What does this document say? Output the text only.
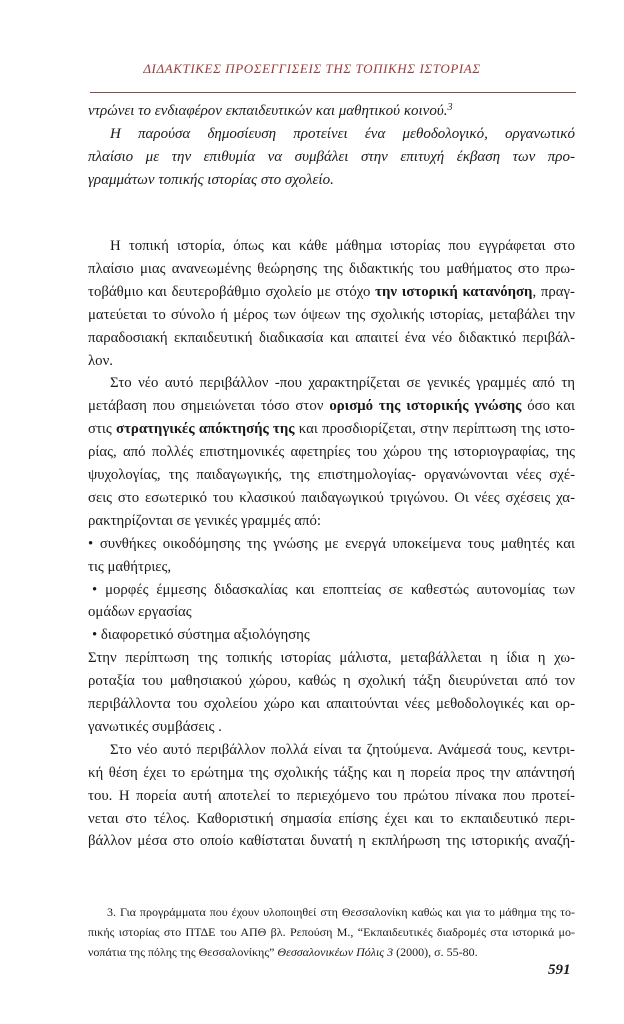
ΔΙΔΑΚΤΙΚΕΣ ΠΡΟΣΕΓΓΙΣΕΙΣ ΤΗΣ ΤΟΠΙΚΗΣ ΙΣΤΟΡΙΑΣ
ντρώνει το ενδιαφέρον εκπαιδευτικών και μαθητικού κοινού.$^3$
Η παρούσα δημοσίευση προτείνει ένα μεθοδολογικό, οργανωτικό
πλαίσιο με την επιθυμία να συμβάλει στην επιτυχή έκβαση των προ-
γραμμάτων τοπικής ιστορίας στο σχολείο.
Η τοπική ιστορία, όπως και κάθε μάθημα ιστορίας που εγγράφεται στο
πλαίσιο μιας ανανεωμένης θεώρησης της διδακτικής του μαθήματος στο πρω-
τοβάθμιο και δευτεροβάθμιο σχολείο με στόχο την ιστορική κατανόηση, πραγ-
ματεύεται το σύνολο ή μέρος των όψεων της σχολικής ιστορίας, μεταβάλει την
παραδοσιακή εκπαιδευτική διαδικασία και απαιτεί ένα νέο διδακτικό περιβάλ-
λον.
Στο νέο αυτό περιβάλλον -που χαρακτηρίζεται σε γενικές γραμμές από τη
μετάβαση που σημειώνεται τόσο στον ορισμό της ιστορικής γνώσης όσο και
στις στρατηγικές απόκτησής της και προσδιορίζεται, στην περίπτωση της ιστο-
ρίας, από πολλές επιστημονικές αφετηρίες του χώρου της ιστοριογραφίας, της
ψυχολογίας, της παιδαγωγικής, της επιστημολογίας- οργανώνονται νέες σχέ-
σεις στο εσωτερικό του κλασικού παιδαγωγικού τριγώνου. Οι νέες σχέσεις χα-
ρακτηρίζονται σε γενικές γραμμές από:
• συνθήκες οικοδόμησης της γνώσης με ενεργά υποκείμενα τους μαθητές και
τις μαθήτριες,
• μορφές έμμεσης διδασκαλίας και εποπτείας σε καθεστώς αυτονομίας των
ομάδων εργασίας
• διαφορετικό σύστημα αξιολόγησης
Στην περίπτωση της τοπικής ιστορίας μάλιστα, μεταβάλλεται η ίδια η χω-
ροταξία του μαθησιακού χώρου, καθώς η σχολική τάξη διευρύνεται από τον
περιβάλλοντα του σχολείου χώρο και απαιτούνται νέες μεθοδολογικές και ορ-
γανωτικές συμβάσεις .
Στο νέο αυτό περιβάλλον πολλά είναι τα ζητούμενα. Ανάμεσά τους, κεντρι-
κή θέση έχει το ερώτημα της σχολικής τάξης και η πορεία προς την απάντησή
του. Η πορεία αυτή αποτελεί το περιεχόμενο του πρώτου πίνακα που προτεί-
νεται στο τέλος. Καθοριστική σημασία επίσης έχει και το εκπαιδευτικό περι-
βάλλον μέσα στο οποίο καθίσταται δυνατή η εκπλήρωση της ιστορικής αναζή-
3. Για προγράμματα που έχουν υλοποιηθεί στη Θεσσαλονίκη καθώς και για το μάθημα της το-
πικής ιστορίας στο ΠΤΔΕ του ΑΠΘ βλ. Ρεπούση Μ., “Εκπαιδευτικές διαδρομές στα ιστορικά μο-
νοπάτια της πόλης της Θεσσαλονίκης” Θεσσαλονικέων Πόλις 3 (2000), σ. 55-80.
591
